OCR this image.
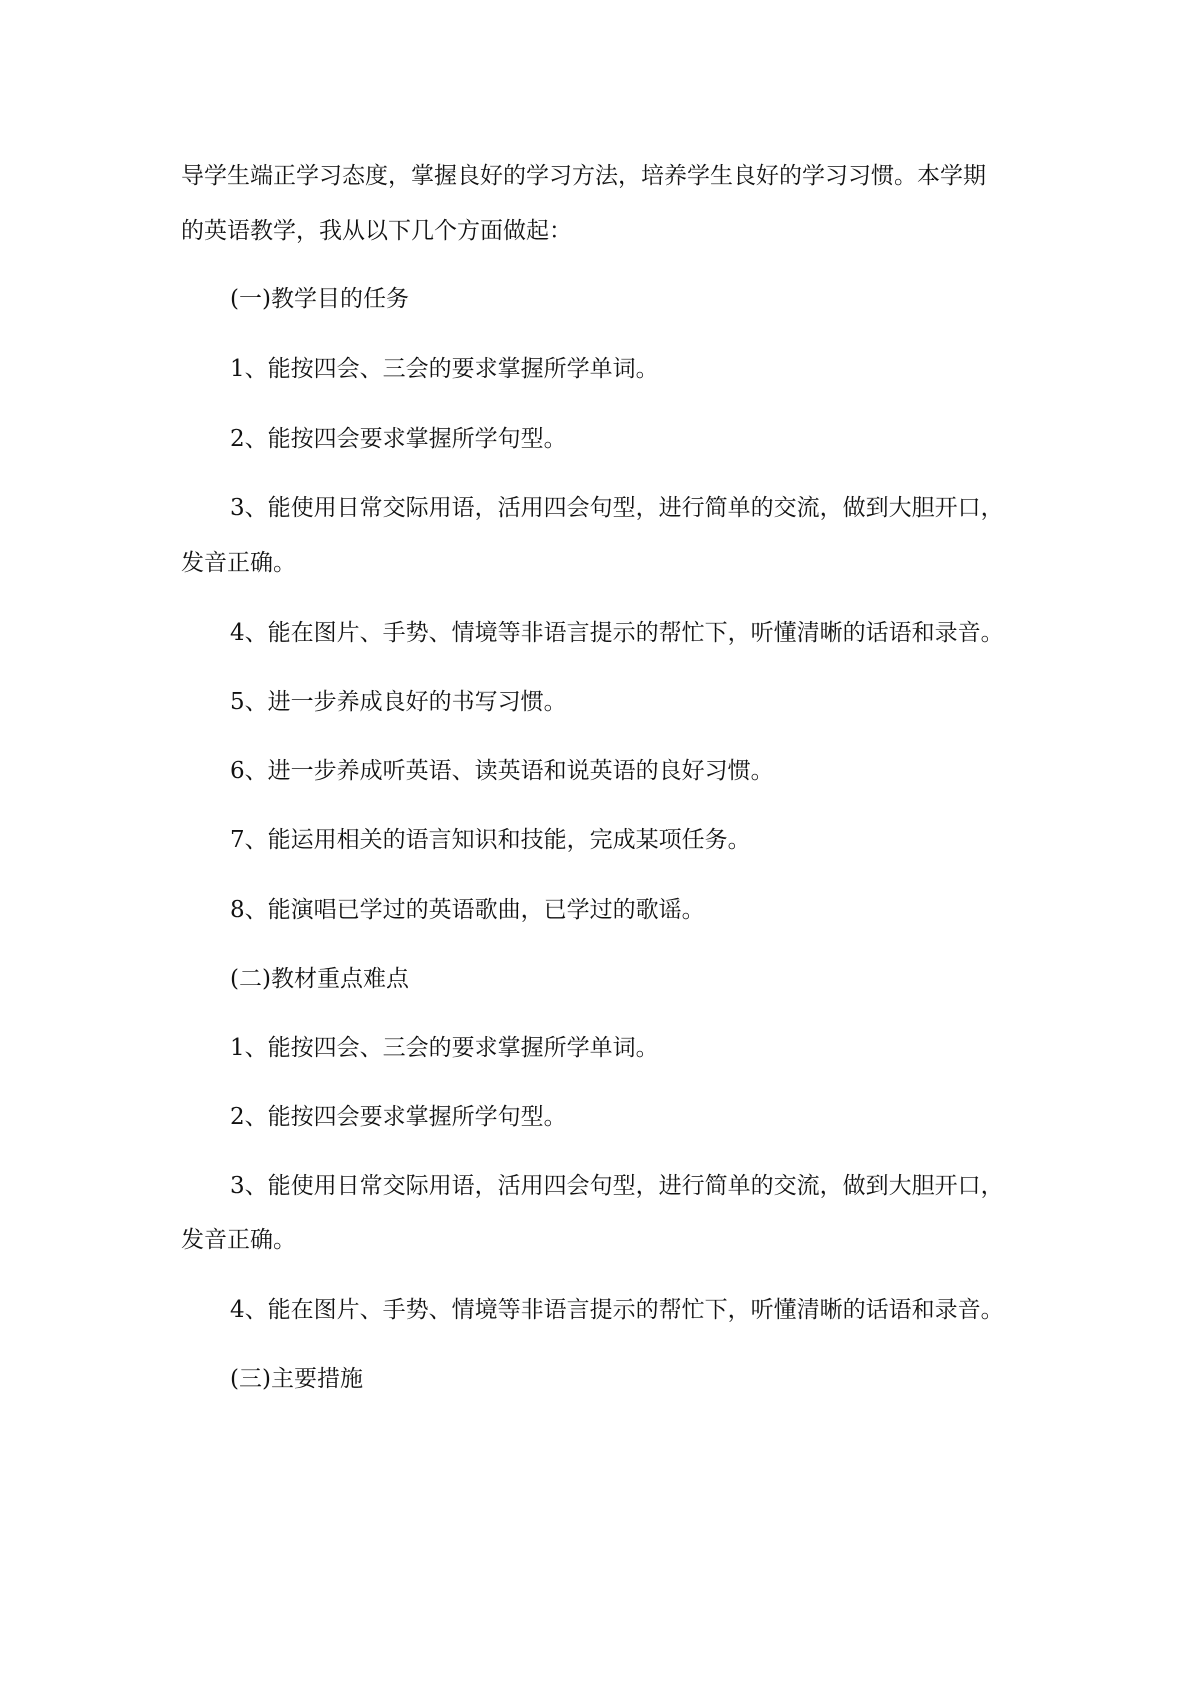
导学生端正学习态度，掌握良好的学习方法，培养学生良好的学习习惯。本学期
的英语教学，我从以下几个方面做起：
(一)教学目的任务
1、能按四会、三会的要求掌握所学单词。
2、能按四会要求掌握所学句型。
3、能使用日常交际用语，活用四会句型，进行简单的交流，做到大胆开口，
发音正确。
4、能在图片、手势、情境等非语言提示的帮忙下，听懂清晰的话语和录音。
5、进一步养成良好的书写习惯。
6、进一步养成听英语、读英语和说英语的良好习惯。
7、能运用相关的语言知识和技能，完成某项任务。
8、能演唱已学过的英语歌曲，已学过的歌谣。
(二)教材重点难点
1、能按四会、三会的要求掌握所学单词。
2、能按四会要求掌握所学句型。
3、能使用日常交际用语，活用四会句型，进行简单的交流，做到大胆开口，
发音正确。
4、能在图片、手势、情境等非语言提示的帮忙下，听懂清晰的话语和录音。
(三)主要措施
